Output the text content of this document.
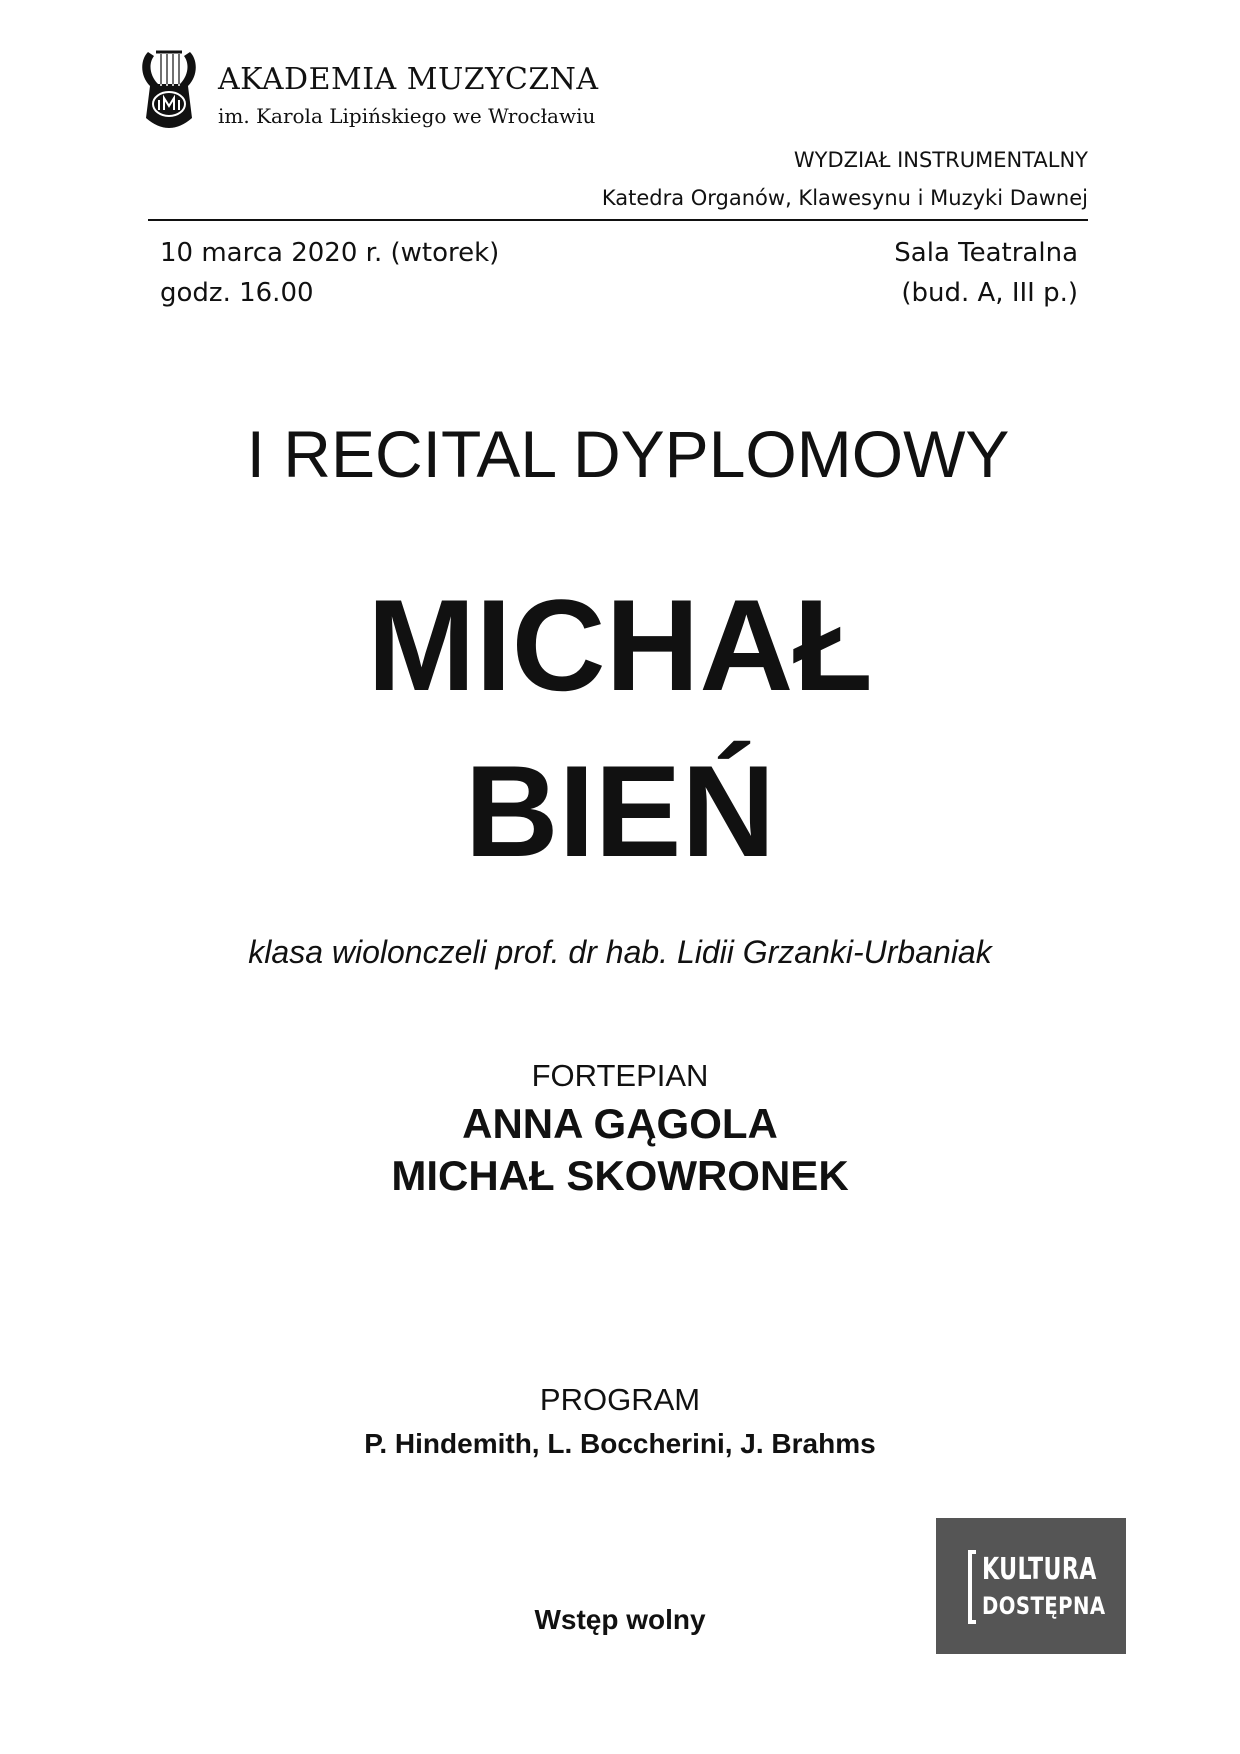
AKADEMIA MUZYCZNA
im. Karola Lipińskiego we Wrocławiu
WYDZIAŁ INSTRUMENTALNY
Katedra Organów, Klawesynu i Muzyki Dawnej
10 marca 2020 r. (wtorek)
godz. 16.00
Sala Teatralna
(bud. A, III p.)
I RECITAL DYPLOMOWY
MICHAŁ
BIEŃ
klasa wiolonczeli prof. dr hab. Lidii Grzanki-Urbaniak
FORTEPIAN
ANNA GĄGOLA
MICHAŁ SKOWRONEK
PROGRAM
P. Hindemith, L. Boccherini, J. Brahms
Wstęp wolny
KULTURA
DOSTĘPNA
